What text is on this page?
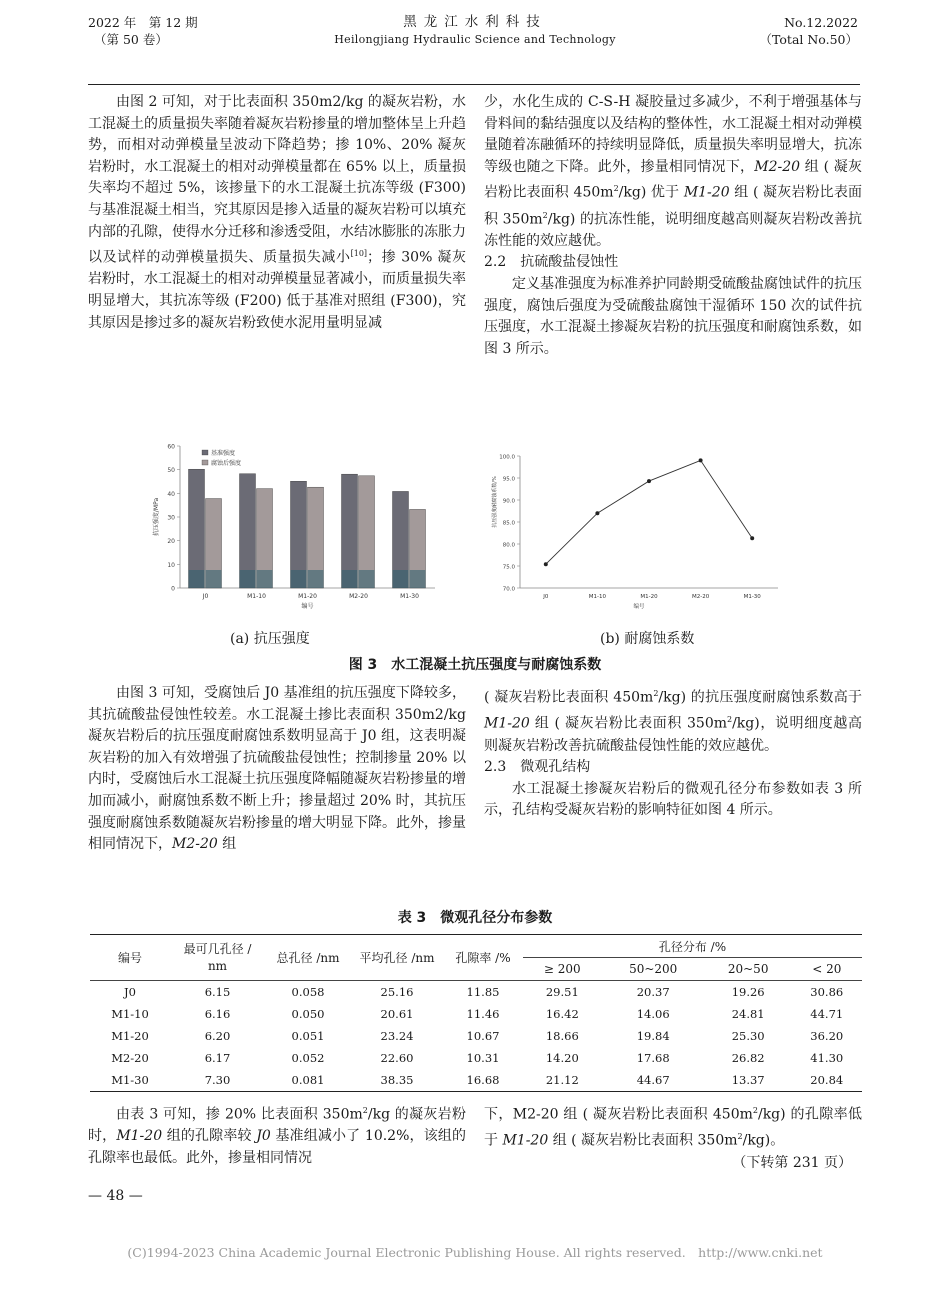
2022 年　第 12 期
（第 50 卷）
黑龙江水利科技
Heilongjiang Hydraulic Science and Technology
No.12.2022
（Total No.50）

由图 2 可知，对于比表面积 350m2/kg 的凝灰岩粉，水工混凝土的质量损失率随着凝灰岩粉掺量的增加整体呈上升趋势，而相对动弹模量呈波动下降趋势；掺 10%、20% 凝灰岩粉时，水工混凝土的相对动弹模量都在 65% 以上，质量损失率均不超过 5%，该掺量下的水工混凝土抗冻等级 (F300) 与基准混凝土相当，究其原因是掺入适量的凝灰岩粉可以填充内部的孔隙，使得水分迁移和渗透受阻，水结冰膨胀的冻胀力以及试样的动弹模量损失、质量损失减小[10]；掺 30% 凝灰岩粉时，水工混凝土的相对动弹模量显著减小，而质量损失率明显增大，其抗冻等级 (F200) 低于基准对照组 (F300)，究其原因是掺过多的凝灰岩粉致使水泥用量明显减

少，水化生成的 C-S-H 凝胶量过多减少，不利于增强基体与骨料间的黏结强度以及结构的整体性，水工混凝土相对动弹模量随着冻融循环的持续明显降低，质量损失率明显增大，抗冻等级也随之下降。此外，掺量相同情况下，M2-20 组 ( 凝灰岩粉比表面积 $450m^2/kg$) 优于 M1-20 组 ( 凝灰岩粉比表面积 $350m^2/kg$) 的抗冻性能，说明细度越高则凝灰岩粉改善抗冻性能的效应越优。

2.2　抗硫酸盐侵蚀性

定义基准强度为标准养护同龄期受硫酸盐腐蚀试件的抗压强度，腐蚀后强度为受硫酸盐腐蚀干湿循环 150 次的试件抗压强度，水工混凝土掺凝灰岩粉的抗压强度和耐腐蚀系数，如图 3 所示。

0
10
20
30
40
50
60
J0	M1-10	M1-20	M2-20	M1-30
编号
抗压强度/MPa
基准强度
腐蚀后强度
70.0
75.0
80.0
85.0
90.0
95.0
100.0
J0	M1-10	M1-20	M2-20	M1-30
编号
抗压强度耐腐蚀系数/%
(a) 抗压强度	(b) 耐腐蚀系数
图 3　水工混凝土抗压强度与耐腐蚀系数

由图 3 可知，受腐蚀后 J0 基准组的抗压强度下降较多，其抗硫酸盐侵蚀性较差。水工混凝土掺比表面积 350m2/kg 凝灰岩粉后的抗压强度耐腐蚀系数明显高于 J0 组，这表明凝灰岩粉的加入有效增强了抗硫酸盐侵蚀性；控制掺量 20% 以内时，受腐蚀后水工混凝土抗压强度降幅随凝灰岩粉掺量的增加而减小，耐腐蚀系数不断上升；掺量超过 20% 时，其抗压强度耐腐蚀系数随凝灰岩粉掺量的增大明显下降。此外，掺量相同情况下，M2-20 组

( 凝灰岩粉比表面积 $450m^2/kg$) 的抗压强度耐腐蚀系数高于 M1-20 组 ( 凝灰岩粉比表面积 $350m^2/kg$)，说明细度越高则凝灰岩粉改善抗硫酸盐侵蚀性能的效应越优。

2.3　微观孔结构

水工混凝土掺凝灰岩粉后的微观孔径分布参数如表 3 所示，孔结构受凝灰岩粉的影响特征如图 4 所示。

表 3　微观孔径分布参数
编号	最可几孔径 /
nm	总孔径 /nm	平均孔径 /nm	孔隙率 /%	孔径分布 /%			
					≥ 200	50~200	20~50	< 20
J0	6.15	0.058	25.16	11.85	29.51	20.37	19.26	30.86
M1-10	6.16	0.050	20.61	11.46	16.42	14.06	24.81	44.71
M1-20	6.20	0.051	23.24	10.67	18.66	19.84	25.30	36.20
M2-20	6.17	0.052	22.60	10.31	14.20	17.68	26.82	41.30
M1-30	7.30	0.081	38.35	16.68	21.12	44.67	13.37	20.84

由表 3 可知，掺 20% 比表面积 $350m^2/kg$ 的凝灰岩粉时，M1-20 组的孔隙率较 J0 基准组减小了 10.2%，该组的孔隙率也最低。此外，掺量相同情况

下，M2-20 组 ( 凝灰岩粉比表面积 $450m^2/kg$) 的孔隙率低于 M1-20 组 ( 凝灰岩粉比表面积 $350m^2/kg$)。

（下转第 231 页）

— 48 —
(C)1994-2023 China Academic Journal Electronic Publishing House. All rights reserved.　http://www.cnki.net
